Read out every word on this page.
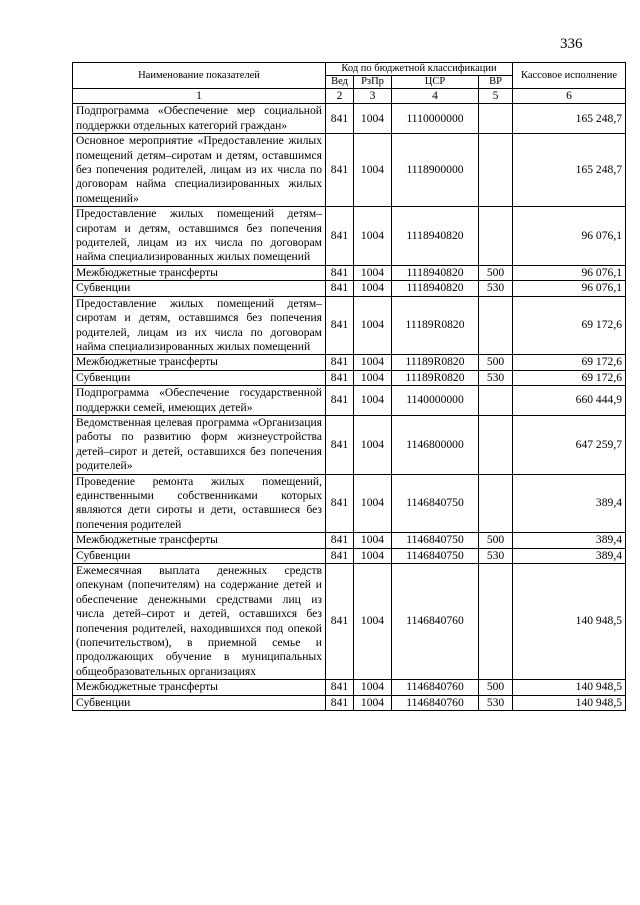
336
Наименование показателей	Код по бюджетной классификации				Кассовое исполнение
	Вед	РзПр	ЦСР	ВР	
1	2	3	4	5	6
Подпрограмма «Обеспечение мер социальной поддержки отдельных категорий граждан»	841	1004	1110000000		165 248,7
Основное мероприятие «Предоставление жилых помещений детям–сиротам и детям, оставшимся без попечения родителей, лицам из их числа по договорам найма специализированных жилых помещений»	841	1004	1118900000		165 248,7
Предоставление жилых помещений детям–сиротам и детям, оставшимся без попечения родителей, лицам из их числа по договорам найма специализированных жилых помещений	841	1004	1118940820		96 076,1
Межбюджетные трансферты	841	1004	1118940820	500	96 076,1
Субвенции	841	1004	1118940820	530	96 076,1
Предоставление жилых помещений детям–сиротам и детям, оставшимся без попечения родителей, лицам из их числа по договорам найма специализированных жилых помещений	841	1004	11189R0820		69 172,6
Межбюджетные трансферты	841	1004	11189R0820	500	69 172,6
Субвенции	841	1004	11189R0820	530	69 172,6
Подпрограмма «Обеспечение государственной поддержки семей, имеющих детей»	841	1004	1140000000		660 444,9
Ведомственная целевая программа «Организация работы по развитию форм жизнеустройства детей–сирот и детей, оставшихся без попечения родителей»	841	1004	1146800000		647 259,7
Проведение ремонта жилых помещений, единственными собственниками которых являются дети сироты и дети, оставшиеся без попечения родителей	841	1004	1146840750		389,4
Межбюджетные трансферты	841	1004	1146840750	500	389,4
Субвенции	841	1004	1146840750	530	389,4
Ежемесячная выплата денежных средств опекунам (попечителям) на содержание детей и обеспечение денежными средствами лиц из числа детей–сирот и детей, оставшихся без попечения родителей, находившихся под опекой (попечительством), в приемной семье и продолжающих обучение в муниципальных общеобразовательных организациях	841	1004	1146840760		140 948,5
Межбюджетные трансферты	841	1004	1146840760	500	140 948,5
Субвенции	841	1004	1146840760	530	140 948,5
